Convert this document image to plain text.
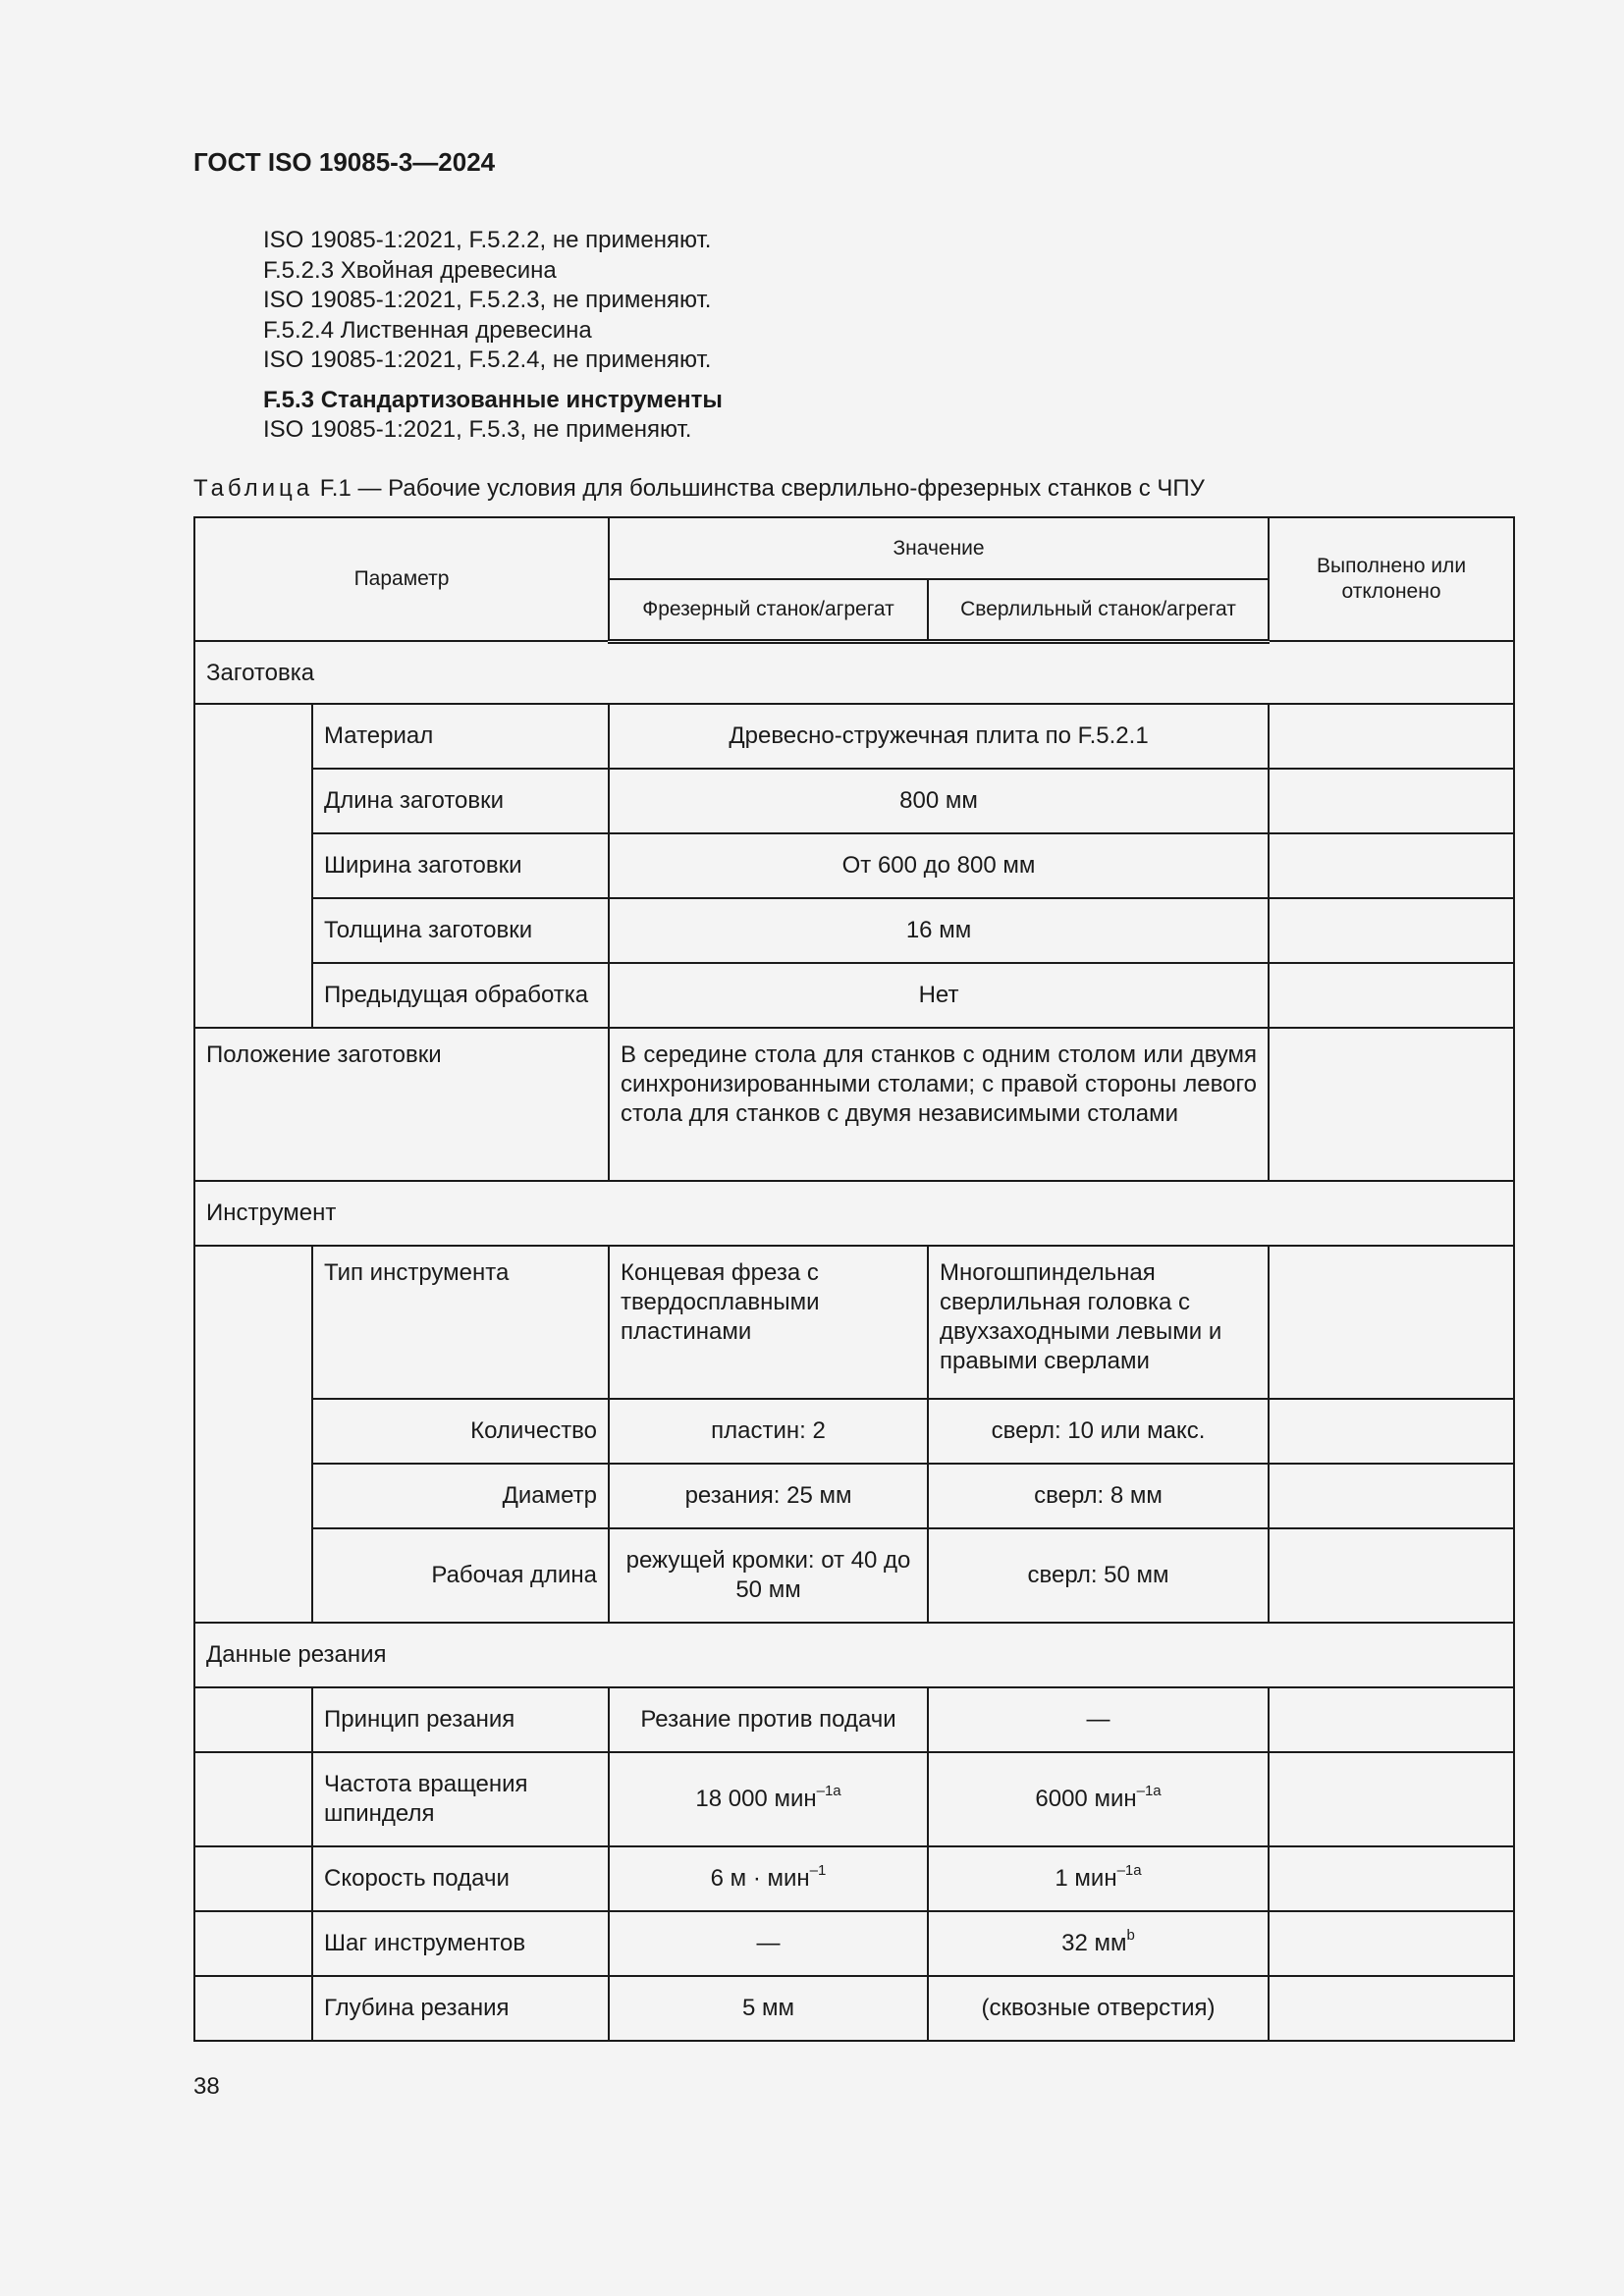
ГОСТ ISO 19085-3—2024
ISO 19085-1:2021, F.5.2.2, не применяют.
F.5.2.3 Хвойная древесина
ISO 19085-1:2021, F.5.2.3, не применяют.
F.5.2.4 Лиственная древесина
ISO 19085-1:2021, F.5.2.4, не применяют.
F.5.3 Стандартизованные инструменты
ISO 19085-1:2021, F.5.3, не применяют.
Таблица F.1 — Рабочие условия для большинства сверлильно-фрезерных станков с ЧПУ
Параметр		Значение		Выполнено или отклонено
		Фрезерный станок/агрегат	Сверлильный станок/агрегат	
Заготовка				
	Материал	Древесно-стружечная плита по F.5.2.1		
	Длина заготовки	800 мм		
	Ширина заготовки	От 600 до 800 мм		
	Толщина заготовки	16 мм		
	Предыдущая обработка	Нет		
Положение заготовки		В середине стола для станков с одним столом или двумя синхронизированными столами; с правой стороны левого стола для станков с двумя независимыми столами		
Инструмент				
	Тип инструмента	Концевая фреза с твердосплавными пластинами	Многошпиндельная сверлильная головка с двухзаходными левыми и правыми сверлами	
	Количество	пластин: 2	сверл: 10 или макс.	
	Диаметр	резания: 25 мм	сверл: 8 мм	
	Рабочая длина	режущей кромки: от 40 до 50 мм	сверл: 50 мм	
Данные резания				
	Принцип резания	Резание против подачи	—	
	Частота вращения шпинделя	18 000 мин$^{-1a}$	6000 мин$^{-1a}$	
	Скорость подачи	6 м · мин$^{-1}$	1 мин$^{-1a}$	
	Шаг инструментов	—	32 $мм^b$	
	Глубина резания	5 мм	(сквозные отверстия)	
38
